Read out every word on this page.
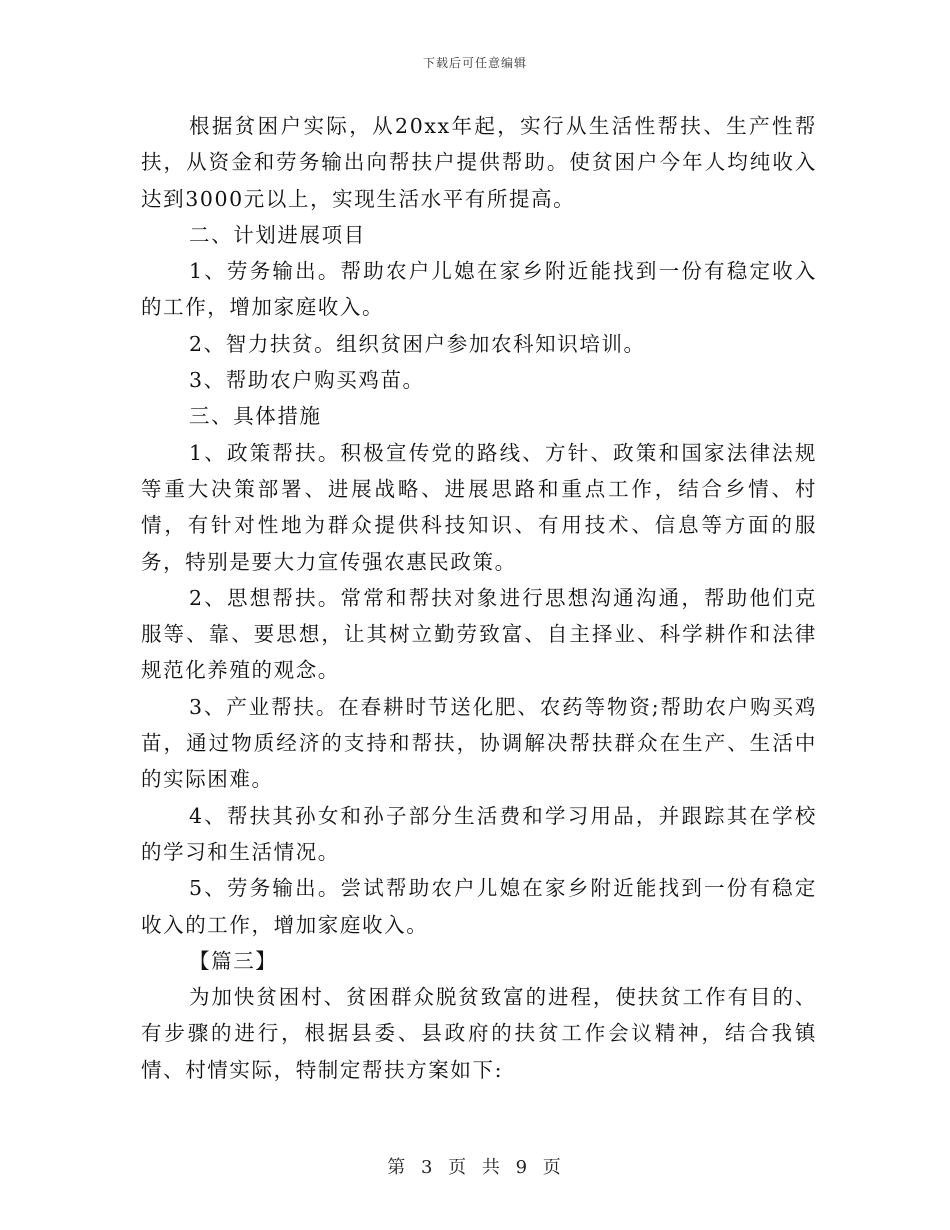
下载后可任意编辑

根据贫困户实际，从20xx年起，实行从生活性帮扶、生产性帮扶，从资金和劳务输出向帮扶户提供帮助。使贫困户今年人均纯收入达到3000元以上，实现生活水平有所提高。

二、计划进展项目

1、劳务输出。帮助农户儿媳在家乡附近能找到一份有稳定收入的工作，增加家庭收入。

2、智力扶贫。组织贫困户参加农科知识培训。

3、帮助农户购买鸡苗。

三、具体措施

1、政策帮扶。积极宣传党的路线、方针、政策和国家法律法规等重大决策部署、进展战略、进展思路和重点工作，结合乡情、村情，有针对性地为群众提供科技知识、有用技术、信息等方面的服务，特别是要大力宣传强农惠民政策。

2、思想帮扶。常常和帮扶对象进行思想沟通沟通，帮助他们克服等、靠、要思想，让其树立勤劳致富、自主择业、科学耕作和法律规范化养殖的观念。

3、产业帮扶。在春耕时节送化肥、农药等物资;帮助农户购买鸡苗，通过物质经济的支持和帮扶，协调解决帮扶群众在生产、生活中的实际困难。

4、帮扶其孙女和孙子部分生活费和学习用品，并跟踪其在学校的学习和生活情况。

5、劳务输出。尝试帮助农户儿媳在家乡附近能找到一份有稳定收入的工作，增加家庭收入。

【篇三】

为加快贫困村、贫困群众脱贫致富的进程，使扶贫工作有目的、有步骤的进行，根据县委、县政府的扶贫工作会议精神，结合我镇情、村情实际，特制定帮扶方案如下:

第 3 页 共 9 页
